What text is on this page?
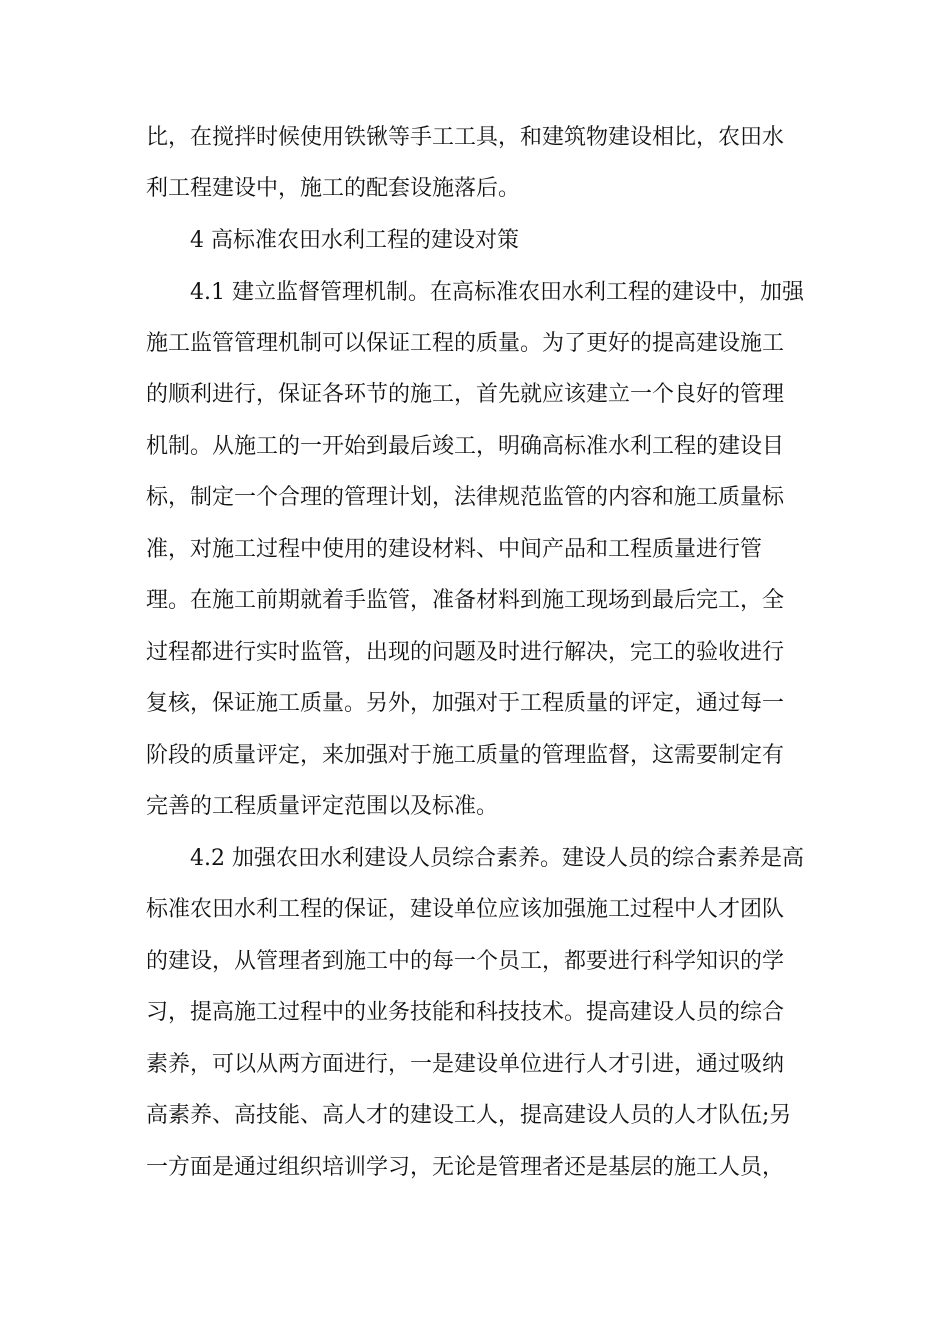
比，在搅拌时候使用铁锹等手工工具，和建筑物建设相比，农田水

利工程建设中，施工的配套设施落后。

4 高标准农田水利工程的建设对策

4.1 建立监督管理机制。在高标准农田水利工程的建设中，加强

施工监管管理机制可以保证工程的质量。为了更好的提高建设施工

的顺利进行，保证各环节的施工，首先就应该建立一个良好的管理

机制。从施工的一开始到最后竣工，明确高标准水利工程的建设目

标，制定一个合理的管理计划，法律规范监管的内容和施工质量标

准，对施工过程中使用的建设材料、中间产品和工程质量进行管

理。在施工前期就着手监管，准备材料到施工现场到最后完工，全

过程都进行实时监管，出现的问题及时进行解决，完工的验收进行

复核，保证施工质量。另外，加强对于工程质量的评定，通过每一

阶段的质量评定，来加强对于施工质量的管理监督，这需要制定有

完善的工程质量评定范围以及标准。

4.2 加强农田水利建设人员综合素养。建设人员的综合素养是高

标准农田水利工程的保证，建设单位应该加强施工过程中人才团队

的建设，从管理者到施工中的每一个员工，都要进行科学知识的学

习，提高施工过程中的业务技能和科技技术。提高建设人员的综合

素养，可以从两方面进行，一是建设单位进行人才引进，通过吸纳

高素养、高技能、高人才的建设工人，提高建设人员的人才队伍;另

一方面是通过组织培训学习，无论是管理者还是基层的施工人员，
